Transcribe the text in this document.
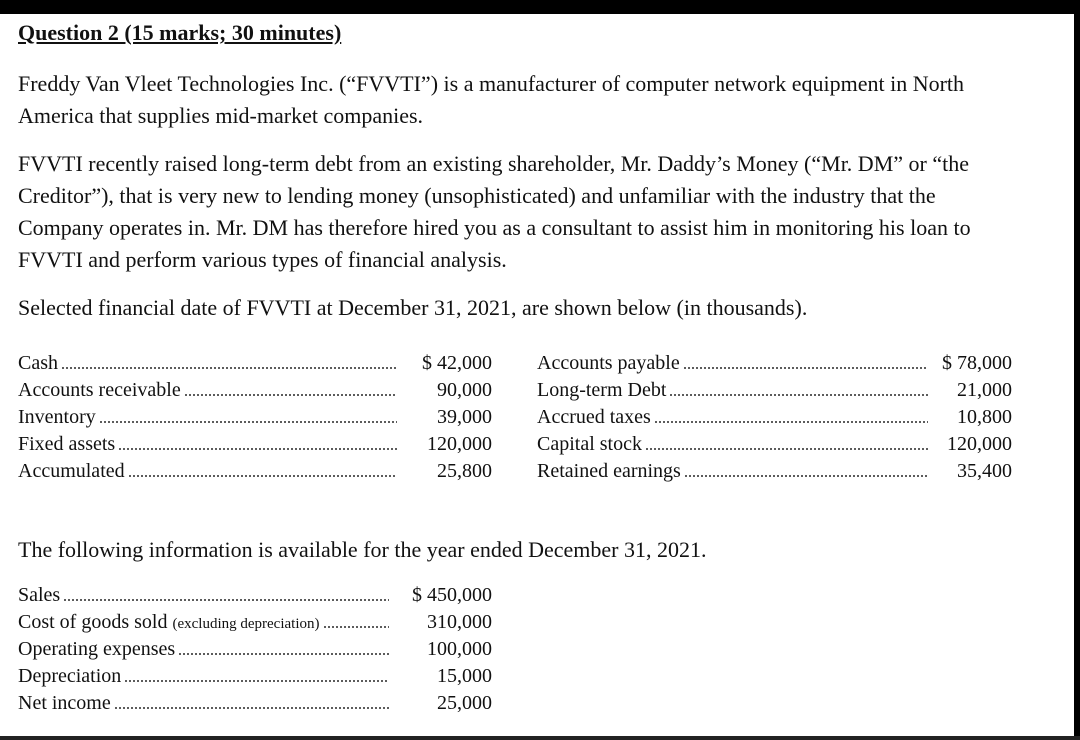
Question 2 (15 marks; 30 minutes)

Freddy Van Vleet Technologies Inc. (“FVVTI”) is a manufacturer of computer network equipment in North America that supplies mid-market companies.

FVVTI recently raised long-term debt from an existing shareholder, Mr. Daddy’s Money (“Mr. DM” or “the Creditor”), that is very new to lending money (unsophisticated) and unfamiliar with the industry that the Company operates in. Mr. DM has therefore hired you as a consultant to assist him in monitoring his loan to FVVTI and perform various types of financial analysis.

Selected financial date of FVVTI at December 31, 2021, are shown below (in thousands).

Cash	$ 42,000
Accounts receivable	90,000
Inventory	39,000
Fixed assets	120,000
Accumulated	25,800
Accounts payable	$ 78,000
Long-term Debt	21,000
Accrued taxes	10,800
Capital stock	120,000
Retained earnings	35,400

The following information is available for the year ended December 31, 2021.

Sales	$ 450,000
Cost of goods sold (excluding depreciation)	310,000
Operating expenses	100,000
Depreciation	15,000
Net income	25,000
